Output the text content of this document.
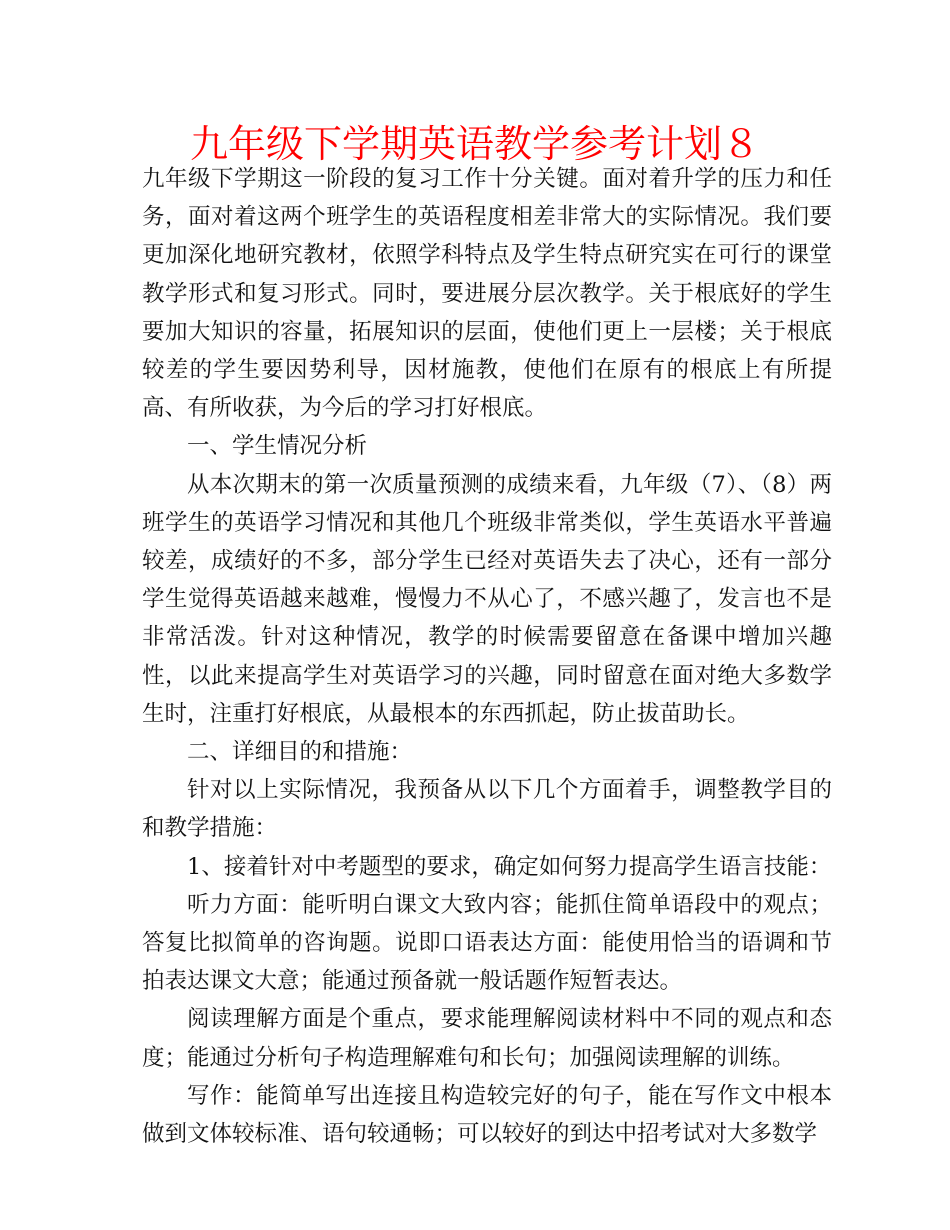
九年级下学期英语教学参考计划８

九年级下学期这一阶段的复习工作十分关键。面对着升学的压力和任务，面对着这两个班学生的英语程度相差非常大的实际情况。我们要更加深化地研究教材，依照学科特点及学生特点研究实在可行的课堂教学形式和复习形式。同时，要进展分层次教学。关于根底好的学生要加大知识的容量，拓展知识的层面，使他们更上一层楼；关于根底较差的学生要因势利导，因材施教，使他们在原有的根底上有所提高、有所收获，为今后的学习打好根底。

一、学生情况分析

从本次期末的第一次质量预测的成绩来看，九年级（7）、（8）两班学生的英语学习情况和其他几个班级非常类似，学生英语水平普遍较差，成绩好的不多，部分学生已经对英语失去了决心，还有一部分学生觉得英语越来越难，慢慢力不从心了，不感兴趣了，发言也不是非常活泼。针对这种情况，教学的时候需要留意在备课中增加兴趣性，以此来提高学生对英语学习的兴趣，同时留意在面对绝大多数学生时，注重打好根底，从最根本的东西抓起，防止拔苗助长。

二、详细目的和措施：

针对以上实际情况，我预备从以下几个方面着手，调整教学目的和教学措施：

1、接着针对中考题型的要求，确定如何努力提高学生语言技能：

听力方面：能听明白课文大致内容；能抓住简单语段中的观点；答复比拟简单的咨询题。说即口语表达方面：能使用恰当的语调和节拍表达课文大意；能通过预备就一般话题作短暂表达。

阅读理解方面是个重点，要求能理解阅读材料中不同的观点和态度；能通过分析句子构造理解难句和长句；加强阅读理解的训练。

写作：能简单写出连接且构造较完好的句子，能在写作文中根本做到文体较标准、语句较通畅；可以较好的到达中招考试对大多数学
